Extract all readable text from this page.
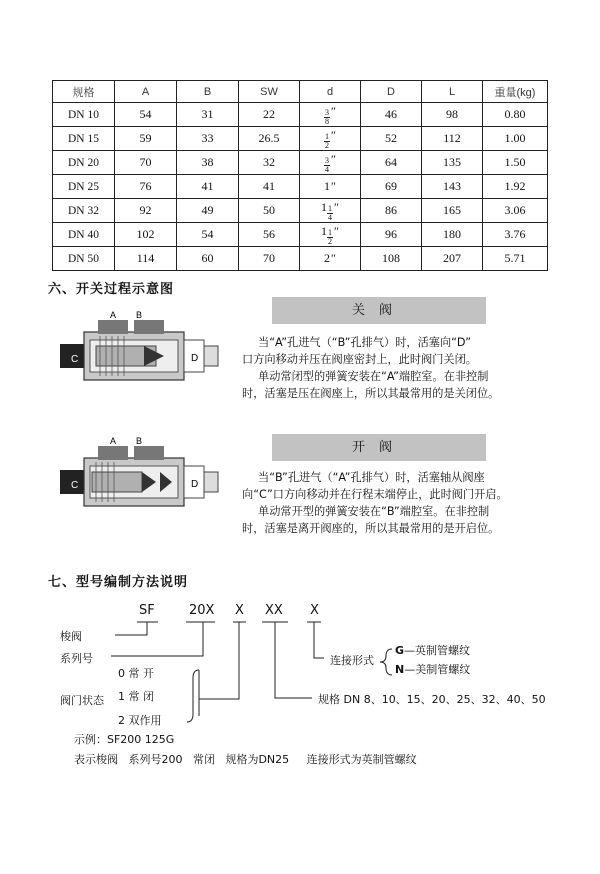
规格	A	B	SW	d	D	L	重量(kg)
DN 10	54	31	22	$\frac{3}{8}$ ″	46	98	0.80
DN 15	59	33	26.5	$\frac{1}{2}$ ″	52	112	1.00
DN 20	70	38	32	$\frac{3}{4}$ ″	64	135	1.50
DN 25	76	41	41	1 ″	69	143	1.92
DN 32	92	49	50	$1 \frac{1}{4}$ ″	86	165	3.06
DN 40	102	54	56	$1 \frac{1}{2}$ ″	96	180	3.76
DN 50	114	60	70	2 ″	108	207	5.71
六、开关过程示意图
A B
C	D
关阀
当“A”孔进气（“B”孔排气）时，活塞向“D”
口方向移动并压在阀座密封上，此时阀门关闭。
单动常闭型的弹簧安装在“A”端腔室。在非控制
时，活塞是压在阀座上，所以其最常用的是关闭位。
A B
C	D
开阀
当“B”孔进气（“A”孔排气）时，活塞轴从阀座
向“C”口方向移动并在行程末端停止，此时阀门开启。
单动常开型的弹簧安装在“B”端腔室。在非控制
时，活塞是离开阀座的，所以其最常用的是开启位。
七、型号编制方法说明
SF	20X X XX X
梭阀
系列号
阀门状态
0 常 开
1 常 闭
2 双作用
连接形式
G—英制管螺纹
N—美制管螺纹
规格 DN 8、10、15、20、25、32、40、50
示例：SF200 125G
表示梭阀   系列号200   常闭   规格为DN25     连接形式为英制管螺纹
